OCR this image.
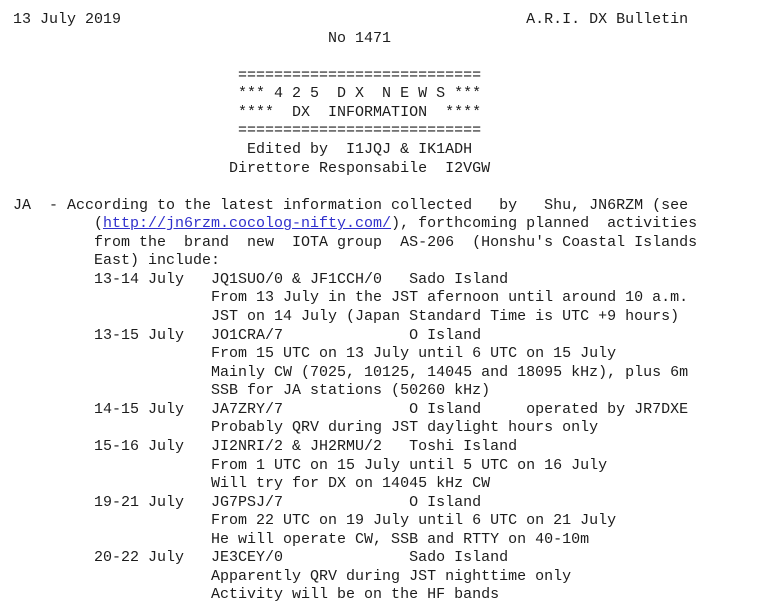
13 July 2019                                             A.R.I. DX Bulletin
No 1471

===========================
*** 4 2 5  D X  N E W S ***
****  DX  INFORMATION  ****
===========================
Edited by  I1JQJ & IK1ADH
Direttore Responsabile  I2VGW

JA  - According to the latest information collected   by   Shu, JN6RZM (see
(http://jn6rzm.cocolog-nifty.com/), forthcoming planned  activities
from the  brand  new  IOTA group  AS-206  (Honshu's Coastal Islands
East) include:
13-14 July   JQ1SUO/0 & JF1CCH/0   Sado Island
From 13 July in the JST afernoon until around 10 a.m.
JST on 14 July (Japan Standard Time is UTC +9 hours)
13-15 July   JO1CRA/7              O Island
From 15 UTC on 13 July until 6 UTC on 15 July
Mainly CW (7025, 10125, 14045 and 18095 kHz), plus 6m
SSB for JA stations (50260 kHz)
14-15 July   JA7ZRY/7              O Island     operated by JR7DXE
Probably QRV during JST daylight hours only
15-16 July   JI2NRI/2 & JH2RMU/2   Toshi Island
From 1 UTC on 15 July until 5 UTC on 16 July
Will try for DX on 14045 kHz CW
19-21 July   JG7PSJ/7              O Island
From 22 UTC on 19 July until 6 UTC on 21 July
He will operate CW, SSB and RTTY on 40-10m
20-22 July   JE3CEY/0              Sado Island
Apparently QRV during JST nighttime only
Activity will be on the HF bands
